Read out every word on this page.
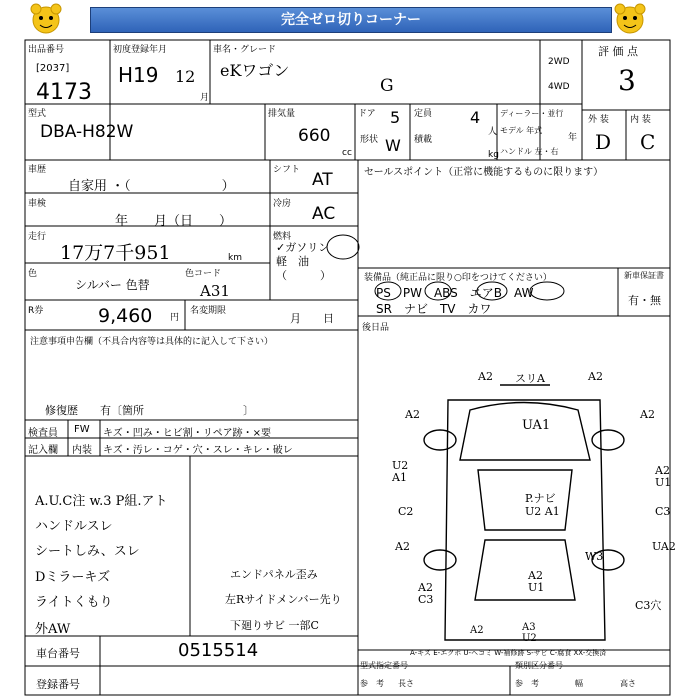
完全ゼロ切りコーナー
出品番号
[2037]
4173
初度登録年月
H19 12
月
車名・グレード
eKワゴン
G
2WD
4WD
評 価 点
3
型式
DBA-H82W
排気量
660
cc
ドア 5
形状 W
定員 4
人
積載
kg
ディーラー・並行
モデル 年式
年
ハンドル 左・右
外 装 内 装
D C
車歴
自家用 ・（　　　　　　　）
車検
年　　月（日　　）
シフト AT
冷房 AC
燃料
✓ガソリン
軽　油
（　　　）
走行
17万7千951	km
色
シルバー 色替
色コード
A31
R券	9,460 円
名変期限
月　　日
セールスポイント（正常に機能するものに限ります）
装備品（純正品に限り○印をつけてください）	新車保証書
有・無
PS　PW　ABS　エアB　AW
SR　ナビ　TV　カワ
後日品
注意事項申告欄（不具合内容等は具体的に記入して下さい）
修復歴　　有〔箇所　　　　　　　　　〕
検査員
記入欄
FW キズ・凹み・ヒビ割・リペア跡・×要
内装 キズ・汚レ・コゲ・穴・スレ・キレ・破レ
A.U.C注 w.3 P組.アト
ハンドルスレ
シートしみ、スレ
Dミラーキズ
ライトくもり
外AW
エンドパネル歪み
左Rサイドメンバー先り
下廻りサビ 一部C
A2 スリA	A2
UA1
A2	A2
U2
A1
A2
U1
C2
P.ナビ
U2 A1	C3
A2
W3
UA2
A2
U1
A2
C3	C3穴
A3
U2
A2
A-キズ E-エクボ U-ヘコミ W-補修跡 S-サビ C-腐食 XX-交換済
車台番号	0515514
登録番号
型式指定番号	類別区分番号
参　考 長さ	参　考	幅	高さ
